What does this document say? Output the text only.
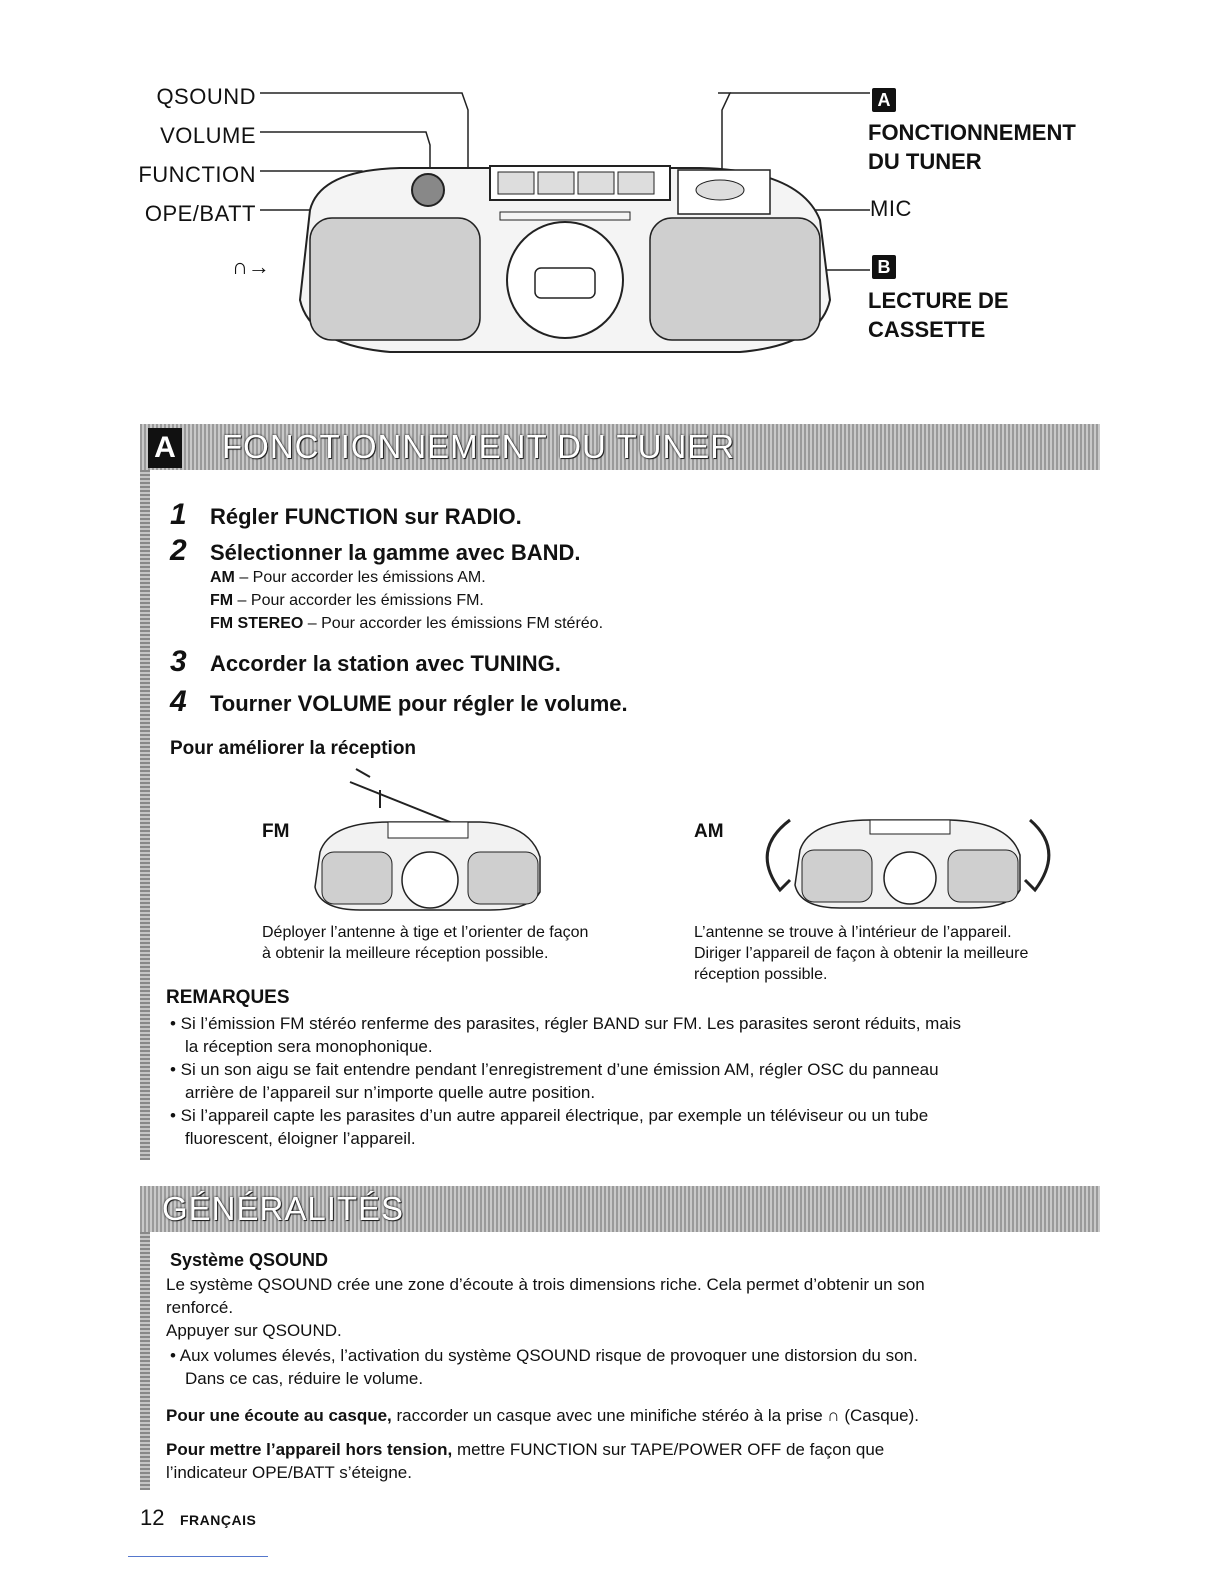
QSOUND
VOLUME
FUNCTION
OPE/BATT
∩→
A
FONCTIONNEMENT
DU TUNER
MIC
B
LECTURE DE
CASSETTE
A FONCTIONNEMENT DU TUNER
1 Régler FUNCTION sur RADIO.
2 Sélectionner la gamme avec BAND.
AM – Pour accorder les émissions AM.
FM – Pour accorder les émissions FM.
FM STEREO – Pour accorder les émissions FM stéréo.
3 Accorder la station avec TUNING.
4 Tourner VOLUME pour régler le volume.
Pour améliorer la réception
FM	AM
Déployer l’antenne à tige et l’orienter de façon
à obtenir la meilleure réception possible.
L’antenne se trouve à l’intérieur de l’appareil.
Diriger l’appareil de façon à obtenir la meilleure
réception possible.
REMARQUES
• Si l’émission FM stéréo renferme des parasites, régler BAND sur FM. Les parasites seront réduits, mais
la réception sera monophonique.
• Si un son aigu se fait entendre pendant l’enregistrement d’une émission AM, régler OSC du panneau
arrière de l’appareil sur n’importe quelle autre position.
• Si l’appareil capte les parasites d’un autre appareil électrique, par exemple un téléviseur ou un tube
fluorescent, éloigner l’appareil.
GÉNÉRALITÉS
Système QSOUND
Le système QSOUND crée une zone d’écoute à trois dimensions riche. Cela permet d’obtenir un son
renforcé.
Appuyer sur QSOUND.
• Aux volumes élevés, l’activation du système QSOUND risque de provoquer une distorsion du son.
Dans ce cas, réduire le volume.
Pour une écoute au casque, raccorder un casque avec une minifiche stéréo à la prise ∩ (Casque).
Pour mettre l’appareil hors tension, mettre FUNCTION sur TAPE/POWER OFF de façon que
l’indicateur OPE/BATT s’éteigne.
12 FRANÇAIS
